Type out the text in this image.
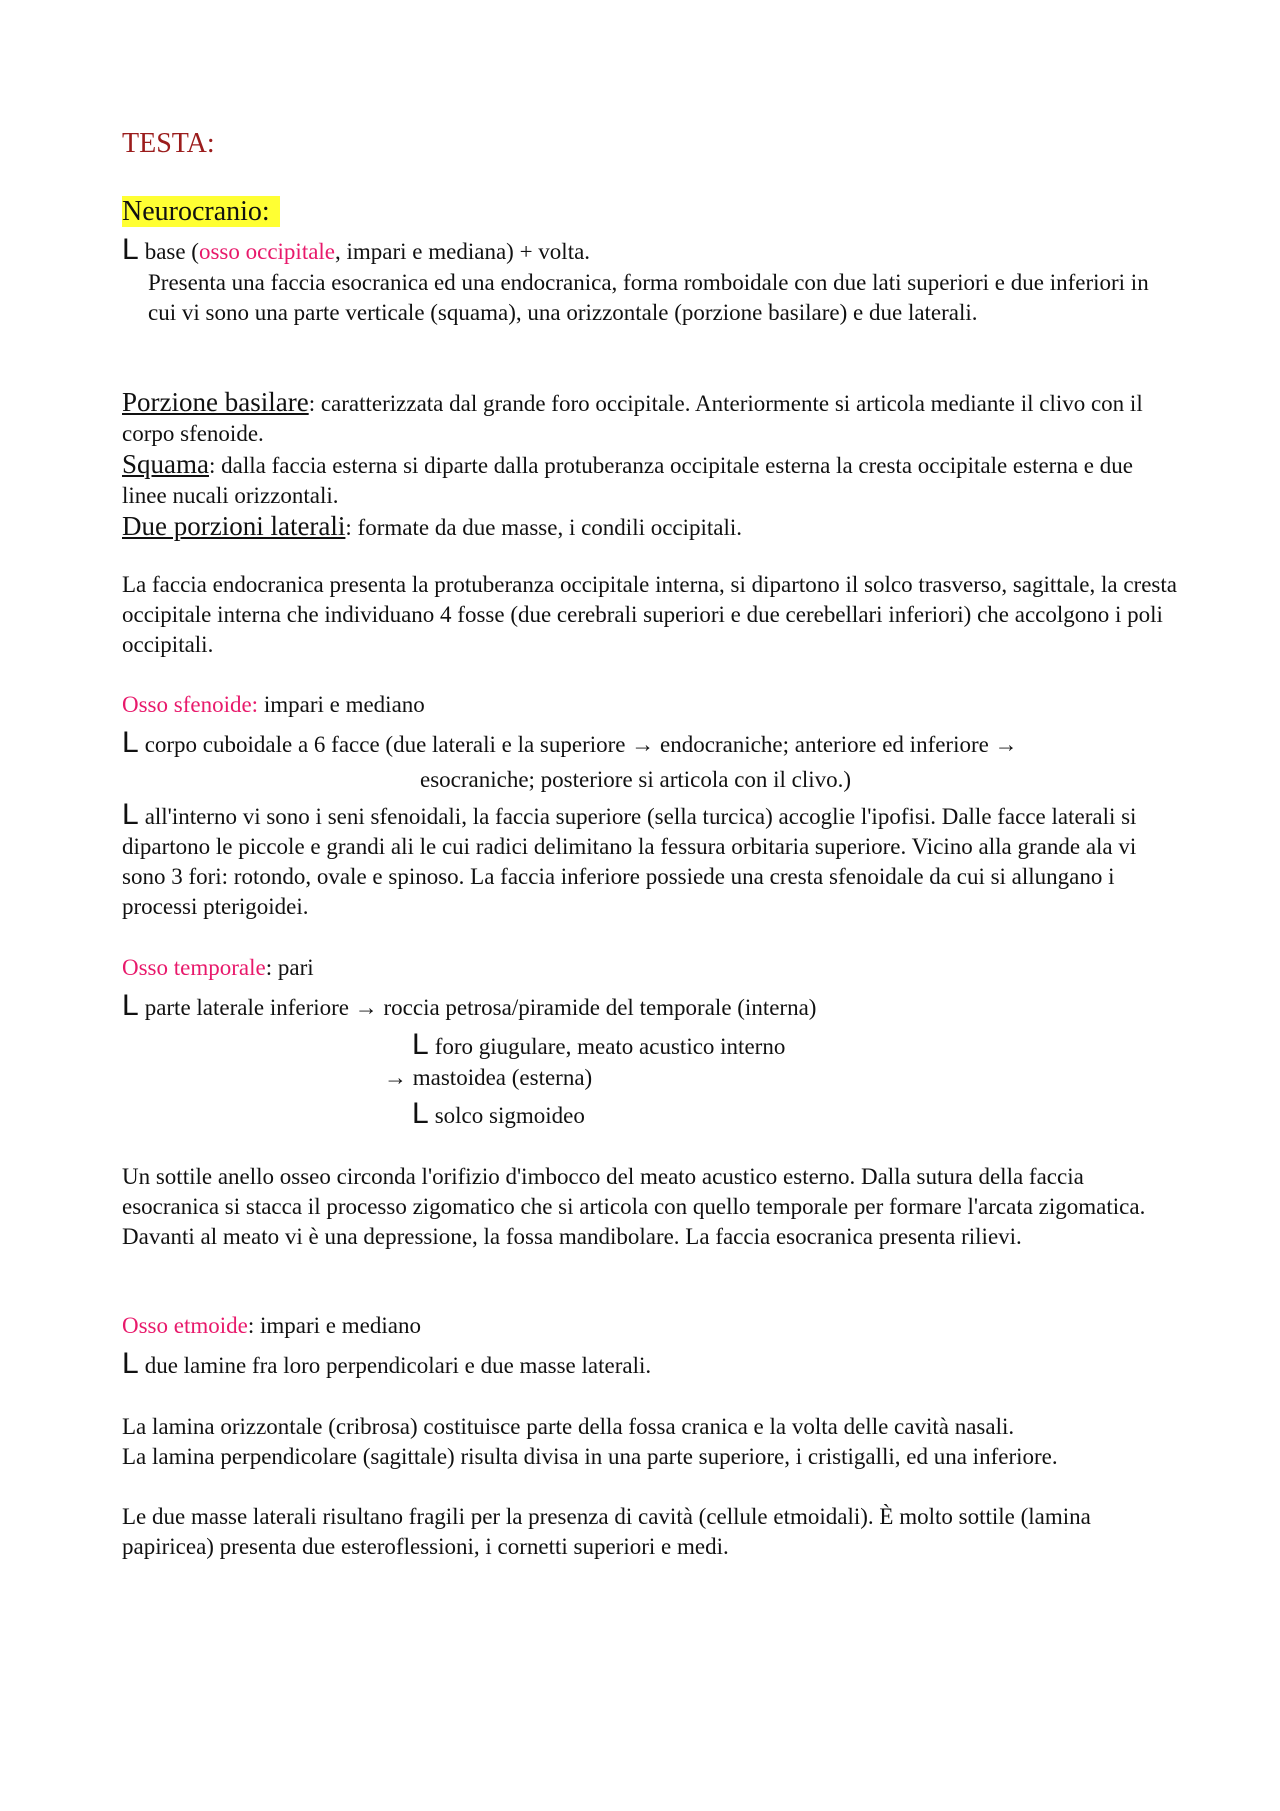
TESTA:
Neurocranio:
L base (osso occipitale, impari e mediana) + volta.
Presenta una faccia esocranica ed una endocranica, forma romboidale con due lati superiori e due inferiori in cui vi sono una parte verticale (squama), una orizzontale (porzione basilare) e due laterali.
Porzione basilare: caratterizzata dal grande foro occipitale. Anteriormente si articola mediante il clivo con il corpo sfenoide.
Squama: dalla faccia esterna si diparte dalla protuberanza occipitale esterna la cresta occipitale esterna e due linee nucali orizzontali.
Due porzioni laterali: formate da due masse, i condili occipitali.
La faccia endocranica presenta la protuberanza occipitale interna, si dipartono il solco trasverso, sagittale, la cresta occipitale interna che individuano 4 fosse (due cerebrali superiori e due cerebellari inferiori) che accolgono i poli occipitali.
Osso sfenoide: impari e mediano
L corpo cuboidale a 6 facce (due laterali e la superiore → endocraniche; anteriore ed inferiore →
esocraniche; posteriore si articola con il clivo.)
L all'interno vi sono i seni sfenoidali, la faccia superiore (sella turcica) accoglie l'ipofisi. Dalle facce laterali si dipartono le piccole e grandi ali le cui radici delimitano la fessura orbitaria superiore. Vicino alla grande ala vi sono 3 fori: rotondo, ovale e spinoso. La faccia inferiore possiede una cresta sfenoidale da cui si allungano i processi pterigoidei.
Osso temporale: pari
L parte laterale inferiore → roccia petrosa/piramide del temporale (interna)
L foro giugulare, meato acustico interno
→ mastoidea (esterna)
L solco sigmoideo
Un sottile anello osseo circonda l'orifizio d'imbocco del meato acustico esterno. Dalla sutura della faccia esocranica si stacca il processo zigomatico che si articola con quello temporale per formare l'arcata zigomatica. Davanti al meato vi è una depressione, la fossa mandibolare. La faccia esocranica presenta rilievi.
Osso etmoide: impari e mediano
L due lamine fra loro perpendicolari e due masse laterali.
La lamina orizzontale (cribrosa) costituisce parte della fossa cranica e la volta delle cavità nasali.
La lamina perpendicolare (sagittale) risulta divisa in una parte superiore, i cristigalli, ed una inferiore.
Le due masse laterali risultano fragili per la presenza di cavità (cellule etmoidali). È molto sottile (lamina papiricea) presenta due esteroflessioni, i cornetti superiori e medi.
